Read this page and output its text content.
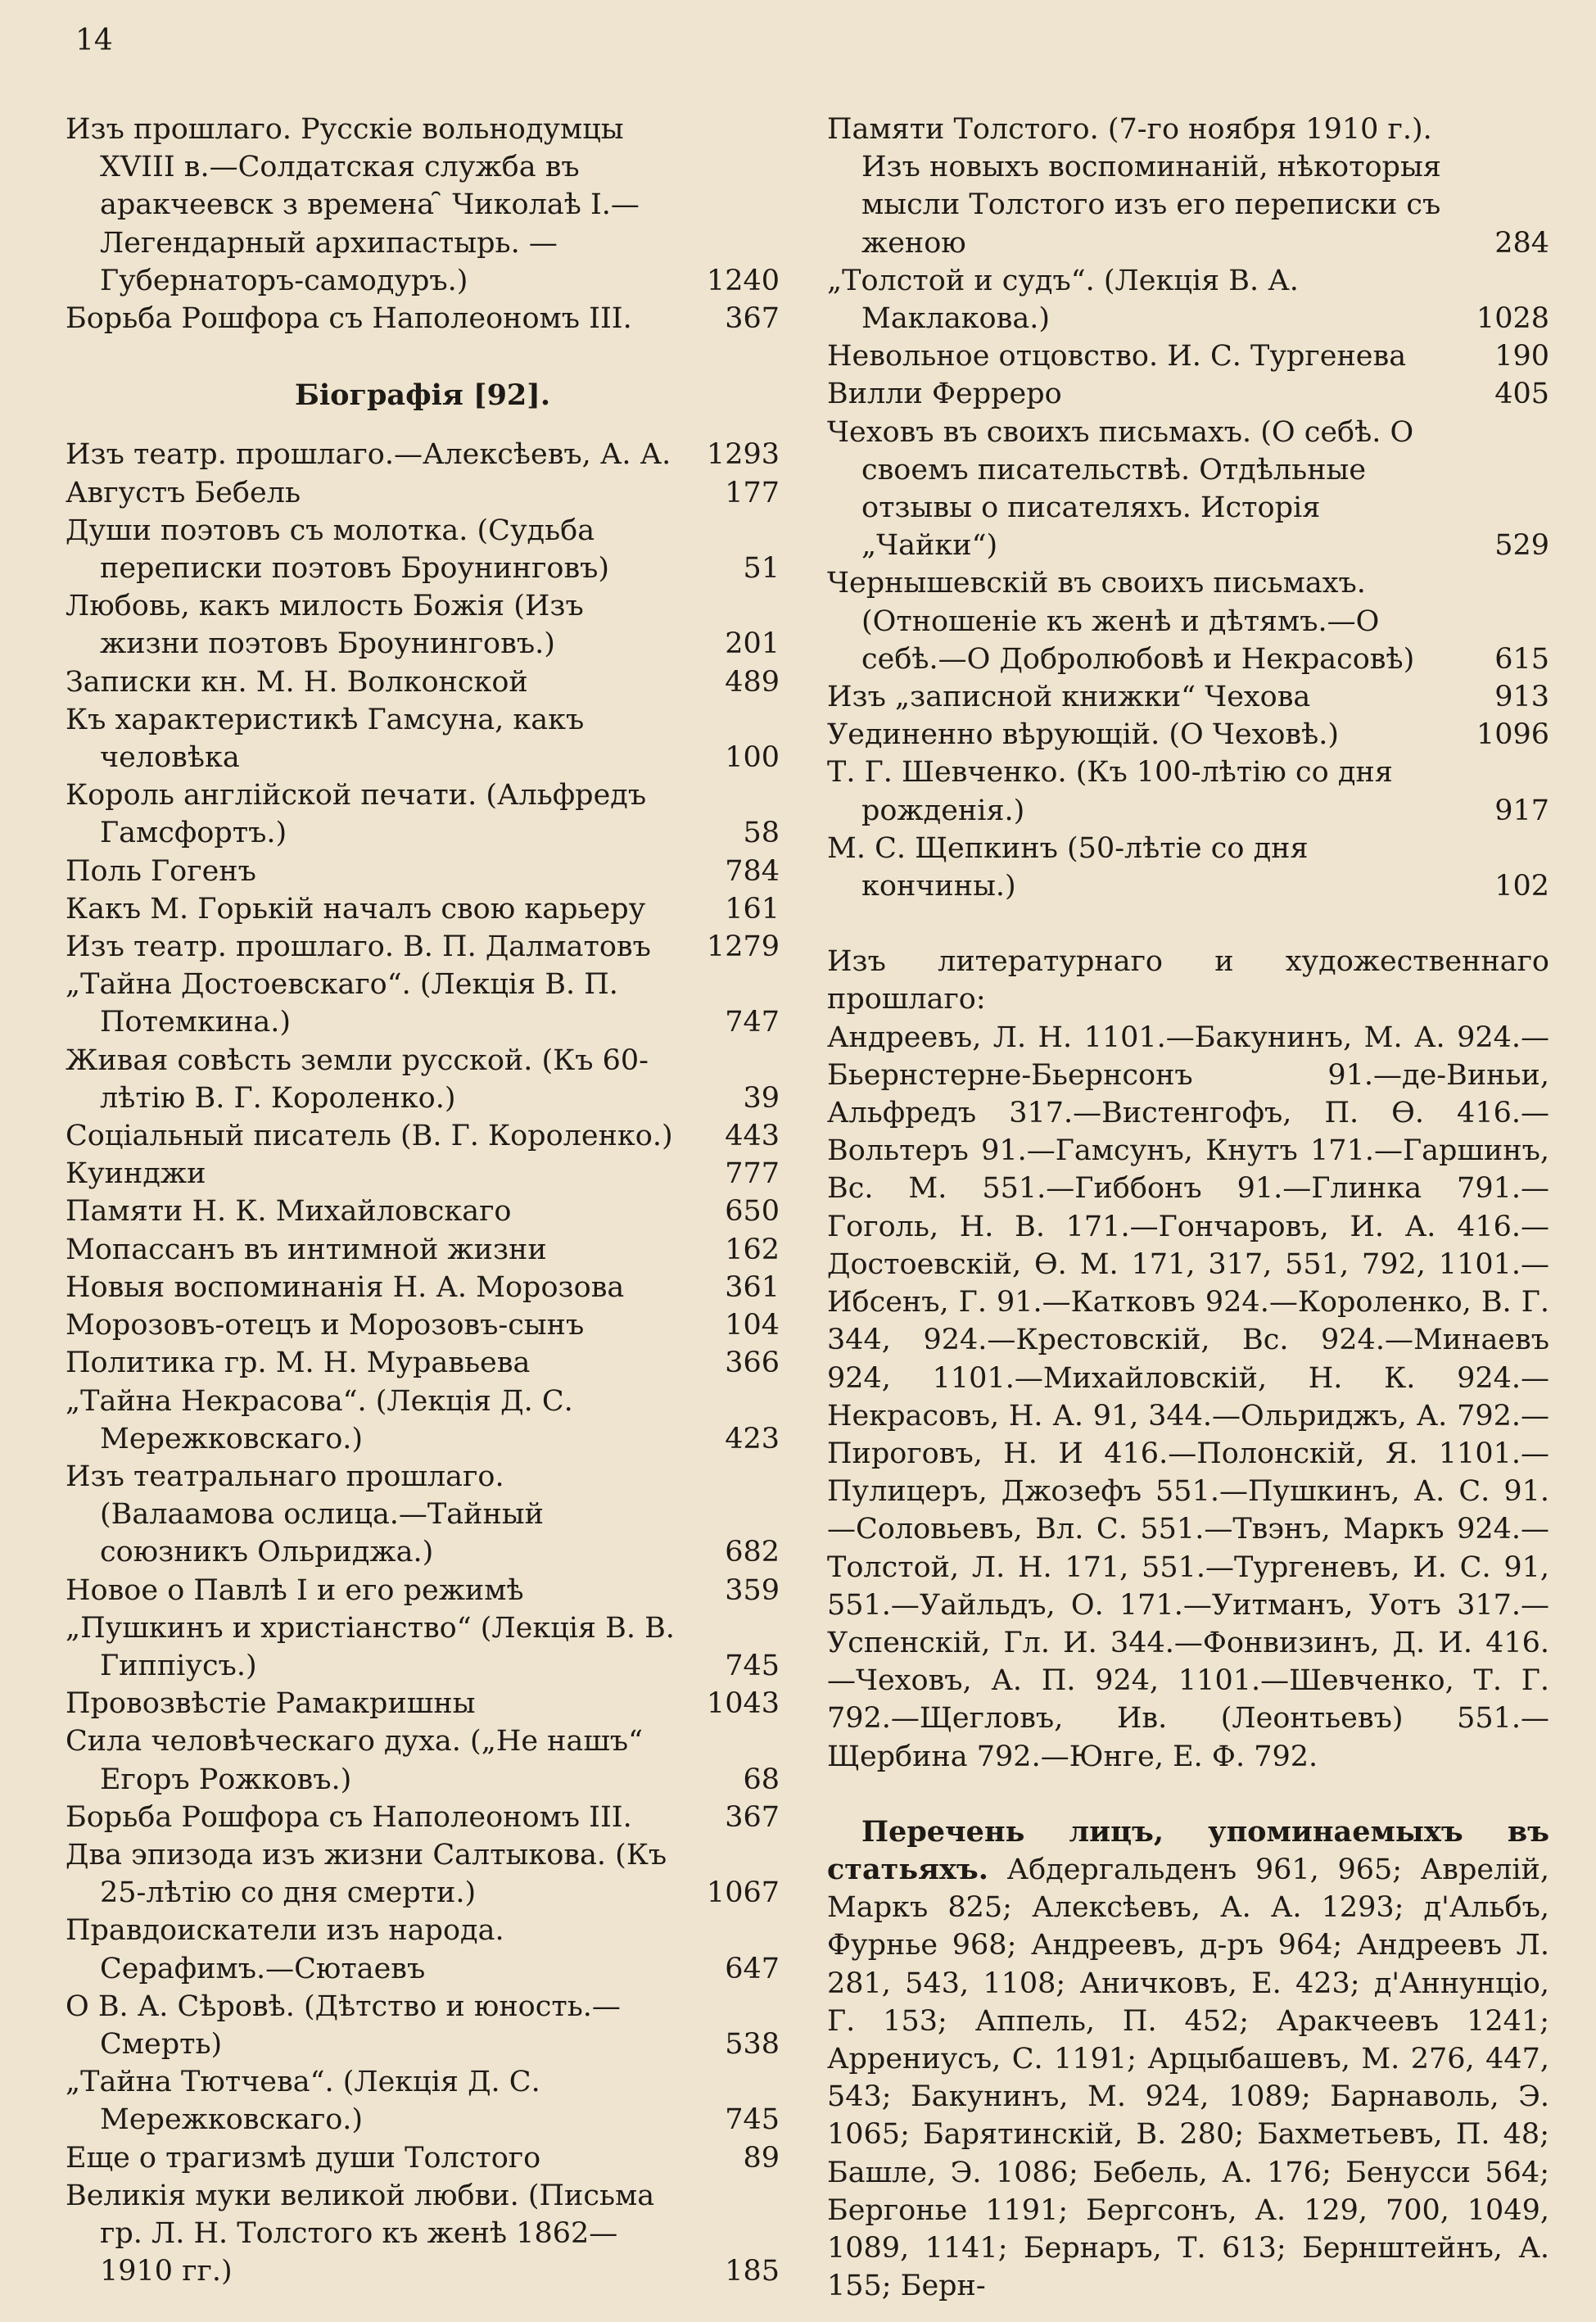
14
Изъ прошлаго. Русскіе вольнодумцы XVIII в.—Солдатская служба въ аракчеевск з времена ̑ Чиколаѣ I.—Легендарный архипастырь. — Губернаторъ-самодуръ.)	1240
Борьба Рошфора съ Наполеономъ III.	367
Біографія [92].
Изъ театр. прошлаго.—Алексѣевъ, А. А.	1293
Августъ Бебель	177
Души поэтовъ съ молотка. (Судьба переписки поэтовъ Броунинговъ)	51
Любовь, какъ милость Божія (Изъ жизни поэтовъ Броунинговъ.)	201
Записки кн. М. Н. Волконской	489
Къ характеристикѣ Гамсуна, какъ человѣка	100
Король англійской печати. (Альфредъ Гамсфортъ.)	58
Поль Гогенъ	784
Какъ М. Горькій началъ свою карьеру	161
Изъ театр. прошлаго. В. П. Далматовъ	1279
„Тайна Достоевскаго“. (Лекція В. П. Потемкина.)	747
Живая совѣсть земли русской. (Къ 60-лѣтію В. Г. Короленко.)	39
Соціальный писатель (В. Г. Короленко.)	443
Куинджи	777
Памяти Н. К. Михайловскаго	650
Мопассанъ въ интимной жизни	162
Новыя воспоминанія Н. А. Морозова	361
Морозовъ-отецъ и Морозовъ-сынъ	104
Политика гр. М. Н. Муравьева	366
„Тайна Некрасова“. (Лекція Д. С. Мережковскаго.)	423
Изъ театральнаго прошлаго. (Валаамова ослица.—Тайный союзникъ Ольриджа.)	682
Новое о Павлѣ I и его режимѣ	359
„Пушкинъ и христіанство“ (Лекція В. В. Гиппіусъ.)	745
Провозвѣстіе Рамакришны	1043
Сила человѣческаго духа. („Не нашъ“ Егоръ Рожковъ.)	68
Борьба Рошфора съ Наполеономъ III.	367
Два эпизода изъ жизни Салтыкова. (Къ 25-лѣтію со дня смерти.)	1067
Правдоискатели изъ народа. Серафимъ.—Сютаевъ	647
О В. А. Сѣровѣ. (Дѣтство и юность.—Смерть)	538
„Тайна Тютчева“. (Лекція Д. С. Мережковскаго.)	745
Еще о трагизмѣ души Толстого	89
Великія муки великой любви. (Письма гр. Л. Н. Толстого къ женѣ 1862—1910 гг.)	185
Памяти Толстого. (7-го ноября 1910 г.). Изъ новыхъ воспоминаній, нѣкоторыя мысли Толстого изъ его переписки съ женою	284
„Толстой и судъ“. (Лекція В. А. Маклакова.)	1028
Невольное отцовство. И. С. Тургенева	190
Вилли Ферреро	405
Чеховъ въ своихъ письмахъ. (О себѣ. О своемъ писательствѣ. Отдѣльные отзывы о писателяхъ. Исторія „Чайки“)	529
Чернышевскій въ своихъ письмахъ. (Отношеніе къ женѣ и дѣтямъ.—О себѣ.—О Добролюбовѣ и Некрасовѣ)	615
Изъ „записной книжки“ Чехова	913
Уединенно вѣрующій. (О Чеховѣ.)	1096
Т. Г. Шевченко. (Къ 100-лѣтію со дня рожденія.)	917
М. С. Щепкинъ (50-лѣтіе со дня кончины.)	102

Изъ литературнаго и художественнаго прошлаго:

Андреевъ, Л. Н. 1101.—Бакунинъ, М. А. 924.—Бьернстерне-Бьернсонъ 91.—де-Виньи, Альфредъ 317.—Вистенгофъ, П. Ѳ. 416.—Вольтеръ 91.—Гамсунъ, Кнутъ 171.—Гаршинъ, Вс. М. 551.—Гиббонъ 91.—Глинка 791.—Гоголь, Н. В. 171.—Гончаровъ, И. А. 416.—Достоевскій, Ѳ. М. 171, 317, 551, 792, 1101.—Ибсенъ, Г. 91.—Катковъ 924.—Короленко, В. Г. 344, 924.—Крестовскій, Вс. 924.—Минаевъ 924, 1101.—Михайловскій, Н. К. 924.—Некрасовъ, Н. А. 91, 344.—Ольриджъ, А. 792.—Пироговъ, Н. И 416.—Полонскій, Я. 1101.—Пулицеръ, Джозефъ 551.—Пушкинъ, А. С. 91.—Соловьевъ, Вл. С. 551.—Твэнъ, Маркъ 924.—Толстой, Л. Н. 171, 551.—Тургеневъ, И. С. 91, 551.—Уайльдъ, О. 171.—Уитманъ, Уотъ 317.—Успенскій, Гл. И. 344.—Фонвизинъ, Д. И. 416.—Чеховъ, А. П. 924, 1101.—Шевченко, Т. Г. 792.—Щегловъ, Ив. (Леонтьевъ) 551.—Щербина 792.—Юнге, Е. Ф. 792.

Перечень лицъ, упоминаемыхъ въ статьяхъ. Абдергальденъ 961, 965; Аврелій, Маркъ 825; Алексѣевъ, А. А. 1293; д'Альбъ, Фурнье 968; Андреевъ, д-ръ 964; Андреевъ Л. 281, 543, 1108; Аничковъ, Е. 423; д'Аннунціо, Г. 153; Аппель, П. 452; Аракчеевъ 1241; Аррениусъ, С. 1191; Арцыбашевъ, М. 276, 447, 543; Бакунинъ, М. 924, 1089; Барнаволь, Э. 1065; Барятинскій, В. 280; Бахметьевъ, П. 48; Башле, Э. 1086; Бебель, А. 176; Бенусси 564; Бергонье 1191; Бергсонъ, А. 129, 700, 1049, 1089, 1141; Бернаръ, Т. 613; Бернштейнъ, А. 155; Берн-
